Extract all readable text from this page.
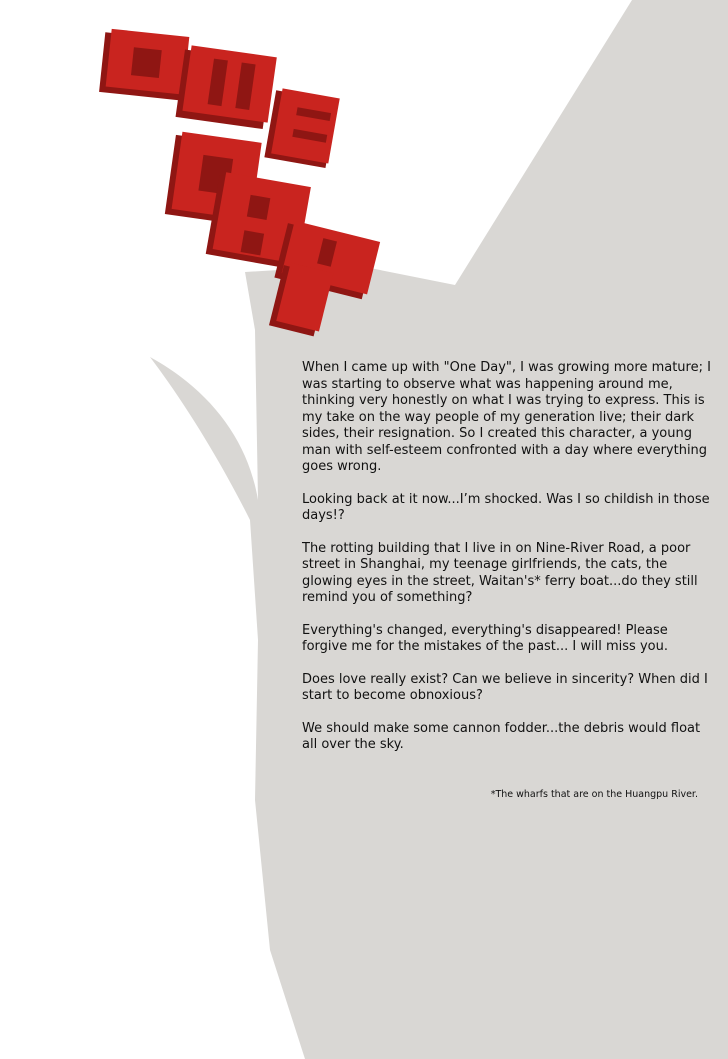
When I came up with "One Day", I was growing more mature; I was starting to observe what was happening around me, thinking very honestly on what I was trying to express. This is my take on the way people of my generation live; their dark sides, their resignation. So I created this character, a young man with self-esteem confronted with a day where everything goes wrong.

Looking back at it now...I’m shocked. Was I so childish in those days!?

The rotting building that I live in on Nine-River Road, a poor street in Shanghai, my teenage girlfriends, the cats, the glowing eyes in the street, Waitan's* ferry boat...do they still remind you of something?

Everything's changed, everything's disappeared! Please forgive me for the mistakes of the past... I will miss you.

Does love really exist? Can we believe in sincerity? When did I start to become obnoxious?

We should make some cannon fodder...the debris would float all over the sky.

*The wharfs that are on the Huangpu River.
